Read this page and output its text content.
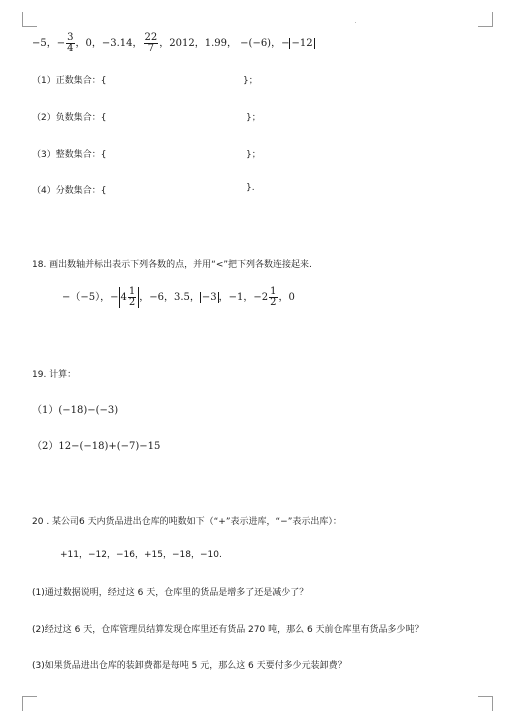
−5，− $\frac{3}{4}$ ，0，−3.14， $\frac{22}{7}$ ，2012，1.99， −(−6)，− −12
（1）正数集合：{	}；
（2）负数集合：{	}；
（3）整数集合：{	}；
（4）分数集合：{	}.
18. 画出数轴并标出表示下列各数的点，并用“<”把下列各数连接起来.
−（−5），− $4 \frac{1}{2}$ ，−6，3.5， −3 ，−1，$-2 \frac{1}{2}$ ，0
19. 计算：
（1）(−18)−(−3)
（2）12−(−18)+(−7)−15
20 . 某公司6 天内货品进出仓库的吨数如下（“+”表示进库，“−”表示出库）：
+11，−12，−16，+15，−18，−10.
(1)通过数据说明，经过这 6 天，仓库里的货品是增多了还是减少了？
(2)经过这 6 天，仓库管理员结算发现仓库里还有货品 270 吨，那么 6 天前仓库里有货品多少吨？
(3)如果货品进出仓库的装卸费都是每吨 5 元，那么这 6 天要付多少元装卸费？
